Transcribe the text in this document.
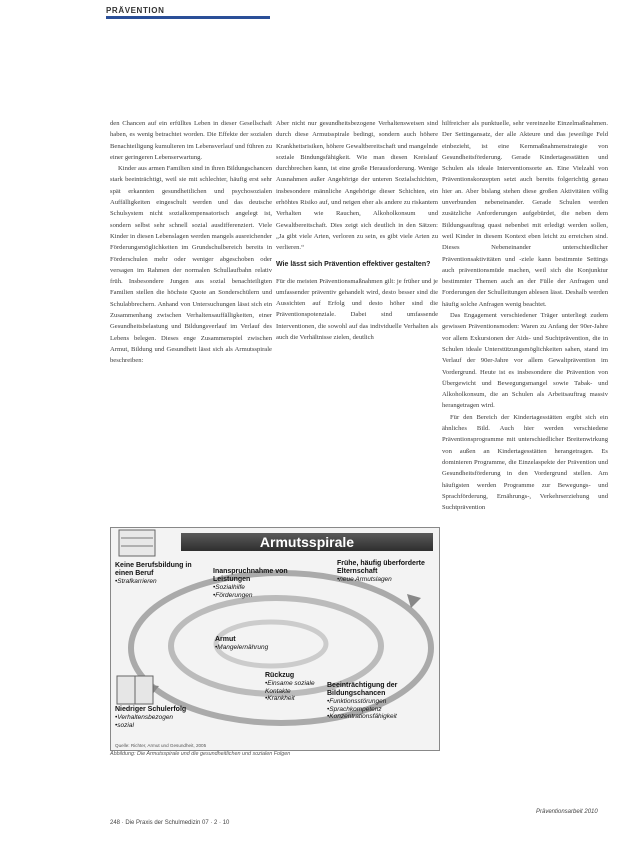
PRÄVENTION

den Chancen auf ein erfülltes Leben in dieser Gesellschaft haben, es wenig betrachtet worden. Die Effekte der sozialen Benachteiligung kumulieren im Lebensverlauf und führen zu einer geringeren Lebenserwartung.

Kinder aus armen Familien sind in ihren Bildungschancen stark beeinträchtigt, weil sie mit schlechter, häufig erst sehr spät erkannten gesundheitlichen und psychosozialen Auffälligkeiten eingeschult werden und das deutsche Schulsystem nicht sozialkompensatorisch angelegt ist, sondern selbst sehr schnell sozial ausdifferenziert. Viele Kinder in diesen Lebenslagen werden mangels ausreichender Förderungsmöglichkeiten im Grundschulbereich bereits in Förderschulen mehr oder weniger abgeschoben oder versagen im Rahmen der normalen Schullaufbahn relativ früh. Insbesondere Jungen aus sozial benachteiligten Familien stellen die höchste Quote an Sonderschülern und Schulabbrechern. Anhand von Untersuchungen lässt sich ein Zusammenhang zwischen Verhaltensauffälligkeiten, einer Gesundheitsbelastung und Bildungsverlauf im Verlauf des Lebens belegen. Dieses enge Zusammenspiel zwischen Armut, Bildung und Gesundheit lässt sich als Armutsspirale beschreiben:

Aber nicht nur gesundheitsbezogene Verhaltensweisen sind durch diese Armutsspirale bedingt, sondern auch höhere Krankheitsrisiken, höhere Gewaltbereitschaft und mangelnde soziale Bindungsfähigkeit. Wie man diesen Kreislauf durchbrechen kann, ist eine große Herausforderung. Wenige Ausnahmen außer Angehörige der unteren Sozialschichten, insbesondere männliche Angehörige dieser Schichten, ein erhöhtes Risiko auf, und neigen eher als andere zu riskantem Verhalten wie Rauchen, Alkoholkonsum und Gewaltbereitschaft. Dies zeigt sich deutlich in den Sätzen: „Ja gibt viele Arten, verloren zu sein, es gibt viele Arten zu verlieren.“

Wie lässt sich Prävention effektiver gestalten?

Für die meisten Präventionsmaßnahmen gilt: je früher und je umfassender präventiv gehandelt wird, desto besser sind die Aussichten auf Erfolg und desto höher sind die Präventionspotenziale. Dabei sind umfassende Interventionen, die sowohl auf das individuelle Verhalten als auch die Verhältnisse zielen, deutlich

hilfreicher als punktuelle, sehr vereinzelte Einzelmaßnahmen. Der Settingansatz, der alle Akteure und das jeweilige Feld einbezieht, ist eine Kernmaßnahmenstrategie von Gesundheitsförderung. Gerade Kindertagesstätten und Schulen als ideale Interventionsorte an. Eine Vielzahl von Präventionskonzepten setzt auch bereits folgerichtig genau hier an. Aber bislang stehen diese großen Aktivitäten völlig unverbunden nebeneinander. Gerade Schulen werden zusätzliche Anforderungen aufgebürdet, die neben dem Bildungsauftrag quasi nebenbei mit erledigt werden sollen, weil Kinder in diesem Kontext eben leicht zu erreichen sind. Dieses Nebeneinander unterschiedlicher Präventionsaktivitäten und -ziele kann bestimmte Settings auch präventionsmüde machen, weil sich die Konjunktur bestimmter Themen auch an der Fülle der Anfragen und Forderungen der Schulleitungen ablesen lässt. Deshalb werden häufig solche Anfragen wenig beachtet.

Das Engagement verschiedener Träger unterliegt zudem gewissen Präventionsmoden: Waren zu Anfang der 90er-Jahre vor allem Exkursionen der Aids- und Suchtprävention, die in Schulen ideale Unterstützungsmöglichkeiten sahen, stand im Verlauf der 90er-Jahre vor allem Gewaltprävention im Vordergrund. Heute ist es insbesondere die Prävention von Übergewicht und Bewegungsmangel sowie Tabak- und Alkoholkonsum, die an Schulen als Arbeitsauftrag massiv herangetragen wird.

Für den Bereich der Kindertagesstätten ergibt sich ein ähnliches Bild. Auch hier werden verschiedene Präventionsprogramme mit unterschiedlicher Breitenwirkung von außen an Kindertagesstätten herangetragen. Es dominieren Programme, die Einzelaspekte der Prävention und Gesundheitsförderung in den Vordergrund stellen. Am häufigsten werden Programme zur Bewegungs- und Sprachförderung, Ernährungs-, Verkehrserziehung und Suchtprävention

Armutsspirale
Keine Berufsbildung in einen Beruf
•Strafkarrieren
Inanspruchnahme von Leistungen
•Sozialhilfe
•Förderungen
Frühe, häufig überforderte Elternschaft
•neue Armutslagen
Armut
•Mangelernährung
Rückzug
•Einsame soziale Kontakte
•Krankheit
Niedriger Schulerfolg
•Verhaltensbezogen
•sozial
Beeinträchtigung der Bildungschancen
•Funktionsstörungen
•Sprachkompetenz
•Konzentrationsfähigkeit
Quelle: Richter, Armut und Gesundheit, 2005
Abbildung: Die Armutsspirale und die gesundheitlichen und sozialen Folgen
248 · Die Praxis der Schulmedizin 07 · 2 · 10
Präventionsarbeit 2010
